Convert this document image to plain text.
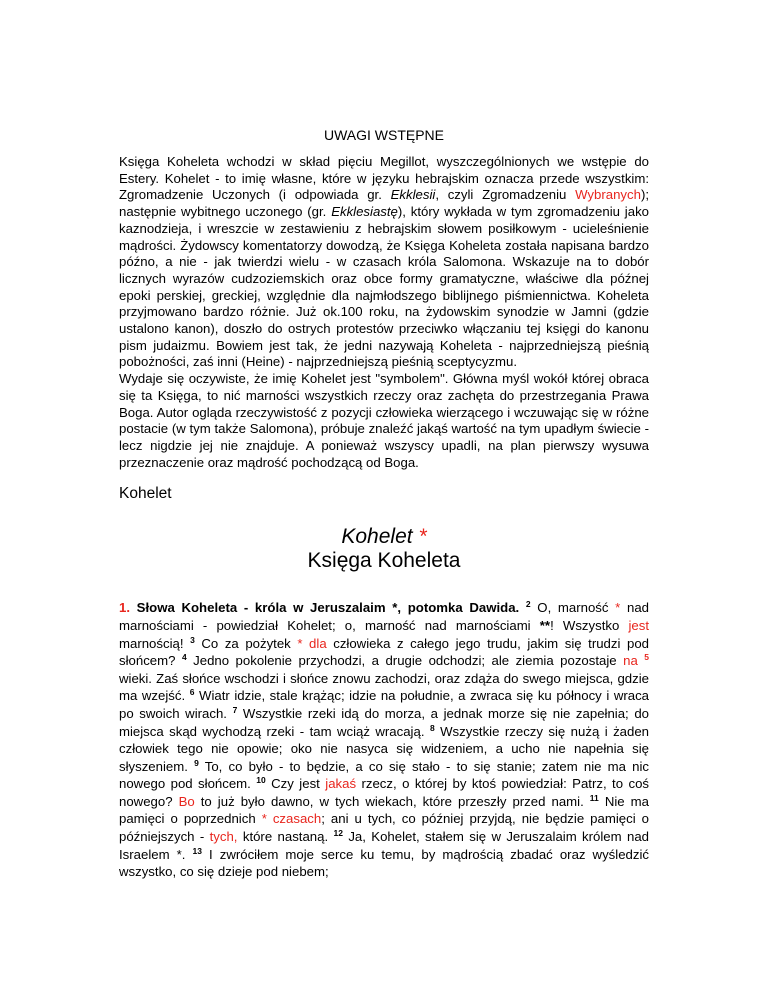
UWAGI WSTĘPNE

Księga Koheleta wchodzi w skład pięciu Megillot, wyszczególnionych we wstępie do Estery. Kohelet - to imię własne, które w języku hebrajskim oznacza przede wszystkim: Zgromadzenie Uczonych (i odpowiada gr. Ekklesii, czyli Zgromadzeniu Wybranych); następnie wybitnego uczonego (gr. Ekklesiastę), który wykłada w tym zgromadzeniu jako kaznodzieja, i wreszcie w zestawieniu z hebrajskim słowem posiłkowym - ucieleśnienie mądrości. Żydowscy komentatorzy dowodzą, że Księga Koheleta została napisana bardzo późno, a nie - jak twierdzi wielu - w czasach króla Salomona. Wskazuje na to dobór licznych wyrazów cudzoziemskich oraz obce formy gramatyczne, właściwe dla późnej epoki perskiej, greckiej, względnie dla najmłodszego biblijnego piśmiennictwa. Koheleta przyjmowano bardzo różnie. Już ok.100 roku, na żydowskim synodzie w Jamni (gdzie ustalono kanon), doszło do ostrych protestów przeciwko włączaniu tej księgi do kanonu pism judaizmu. Bowiem jest tak, że jedni nazywają Koheleta - najprzedniejszą pieśnią pobożności, zaś inni (Heine) - najprzedniejszą pieśnią sceptycyzmu.

Wydaje się oczywiste, że imię Kohelet jest "symbolem". Główna myśl wokół której obraca się ta Księga, to nić marności wszystkich rzeczy oraz zachęta do przestrzegania Prawa Boga. Autor ogląda rzeczywistość z pozycji człowieka wierzącego i wczuwając się w różne postacie (w tym także Salomona), próbuje znaleźć jakąś wartość na tym upadłym świecie - lecz nigdzie jej nie znajduje. A ponieważ wszyscy upadli, na plan pierwszy wysuwa przeznaczenie oraz mądrość pochodzącą od Boga.

Kohelet
Kohelet *
Księga Koheleta
1. Słowa Koheleta - króla w Jeruszalaim *, potomka Dawida. $^2$ O, marność * nad marnościami - powiedział Kohelet; o, marność nad marnościami **! Wszystko jest marnością! $^3$ Co za pożytek * dla człowieka z całego jego trudu, jakim się trudzi pod słońcem? $^4$ Jedno pokolenie przychodzi, a drugie odchodzi; ale ziemia pozostaje na $^5$ wieki. Zaś słońce wschodzi i słońce znowu zachodzi, oraz zdąża do swego miejsca, gdzie ma wzejść. $^6$ Wiatr idzie, stale krążąc; idzie na południe, a zwraca się ku północy i wraca po swoich wirach. $^7$ Wszystkie rzeki idą do morza, a jednak morze się nie zapełnia; do miejsca skąd wychodzą rzeki - tam wciąż wracają. $^8$ Wszystkie rzeczy się nużą i żaden człowiek tego nie opowie; oko nie nasyca się widzeniem, a ucho nie napełnia się słyszeniem. $^9$ To, co było - to będzie, a co się stało - to się stanie; zatem nie ma nic nowego pod słońcem. $^{10}$ Czy jest jakaś rzecz, o której by ktoś powiedział: Patrz, to coś nowego? Bo to już było dawno, w tych wiekach, które przeszły przed nami. $^{11}$ Nie ma pamięci o poprzednich * czasach; ani u tych, co później przyjdą, nie będzie pamięci o późniejszych - tych, które nastaną. $^{12}$ Ja, Kohelet, stałem się w Jeruszalaim królem nad Israelem *. $^{13}$ I zwróciłem moje serce ku temu, by mądrością zbadać oraz wyśledzić wszystko, co się dzieje pod niebem;
